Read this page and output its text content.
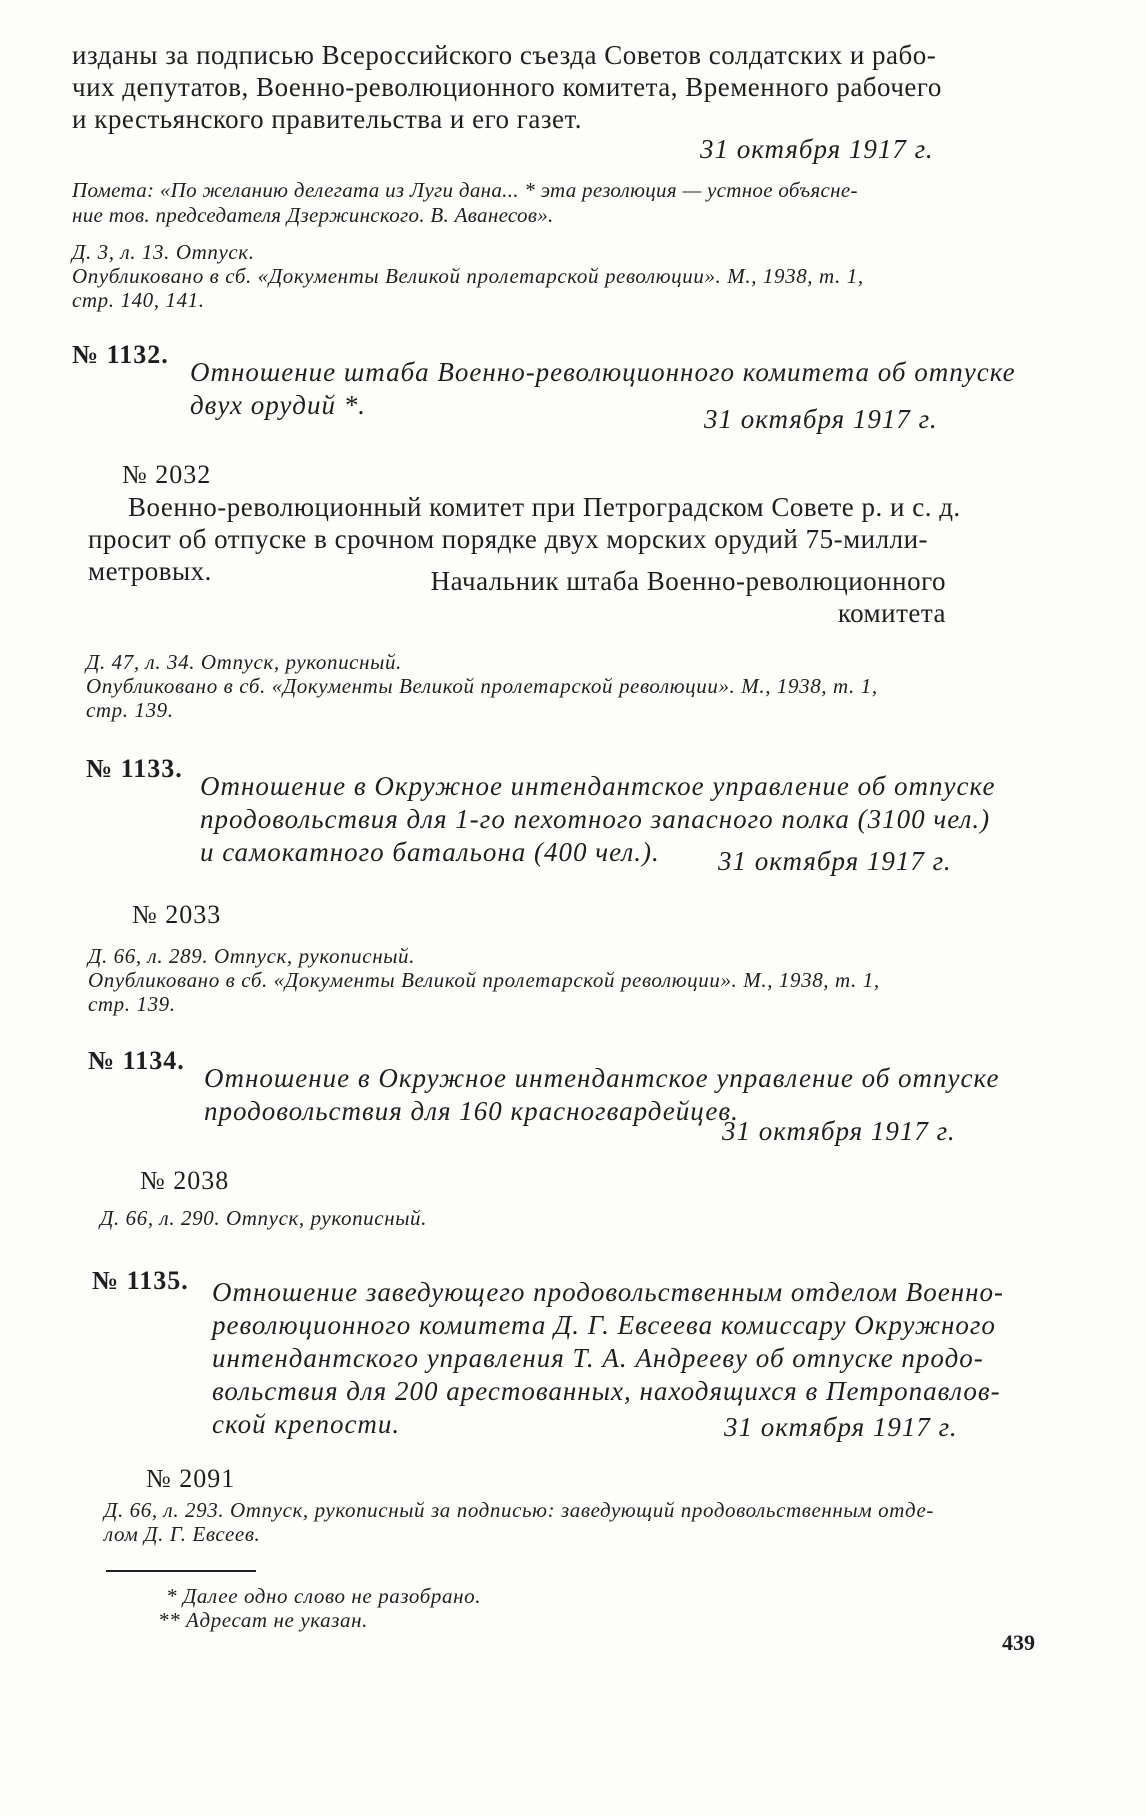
изданы за подписью Всероссийского съезда Советов солдатских и рабо-
чих депутатов, Военно-революционного комитета, Временного рабочего
и крестьянского правительства и его газет.
31 октября 1917 г.
Помета: «По желанию делегата из Луги дана... * эта резолюция — устное объясне-
ние тов. председателя Дзержинского. В. Аванесов».
Д. 3, л. 13. Отпуск.
Опубликовано в сб. «Документы Великой пролетарской революции». М., 1938, т. 1,
стр. 140, 141.
№ 1132.
Отношение штаба Военно-революционного комитета об отпуске
двух орудий *.	31 октября 1917 г.
№ 2032
Военно-революционный комитет при Петроградском Совете р. и с. д.
просит об отпуске в срочном порядке двух морских орудий 75-милли-
метровых.	Начальник штаба Военно-революционного
комитета
Д. 47, л. 34. Отпуск, рукописный.
Опубликовано в сб. «Документы Великой пролетарской революции». М., 1938, т. 1,
стр. 139.
№ 1133.
Отношение в Окружное интендантское управление об отпуске
продовольствия для 1-го пехотного запасного полка (3100 чел.)
и самокатного батальона (400 чел.).	31 октября 1917 г.
№ 2033
Д. 66, л. 289. Отпуск, рукописный.
Опубликовано в сб. «Документы Великой пролетарской революции». М., 1938, т. 1,
стр. 139.
№ 1134.
Отношение в Окружное интендантское управление об отпуске
продовольствия для 160 красногвардейцев.
31 октября 1917 г.
№ 2038
Д. 66, л. 290. Отпуск, рукописный.
№ 1135. Отношение заведующего продовольственным отделом Военно-
революционного комитета Д. Г. Евсеева комиссару Окружного
интендантского управления Т. А. Андрееву об отпуске продо-
вольствия для 200 арестованных, находящихся в Петропавлов-
ской крепости.	31 октября 1917 г.
№ 2091
Д. 66, л. 293. Отпуск, рукописный за подписью: заведующий продовольственным отде-
лом Д. Г. Евсеев.
* Далее одно слово не разобрано.
** Адресат не указан.
439
